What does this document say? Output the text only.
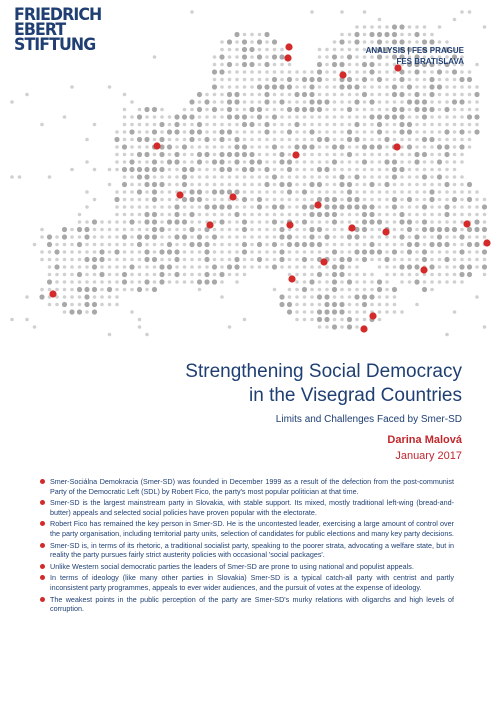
FRIEDRICH
EBERT
STIFTUNG	ANALYSIS | FES PRAGUE
FES BRATISLAVA
Strengthening Social Democracy
in the Visegrad Countries
Limits and Challenges Faced by Smer-SD
Darina Malová
January 2017
Smer-Sociálna Demokracia (Smer-SD) was founded in December 1999 as a result of the defection from the post-communist Party of the Democratic Left (SDL) by Robert Fico, the party's most popular politician at that time.
Smer-SD is the largest mainstream party in Slovakia, with stable support. Its mixed, mostly traditional left-wing (bread-and-butter) appeals and selected social policies have proven popular with the electorate.
Robert Fico has remained the key person in Smer-SD. He is the uncontested leader, exercising a large amount of control over the party organisation, including territorial party units, selection of candidates for public elections and many key party decisions.
Smer-SD is, in terms of its rhetoric, a traditional socialist party, speaking to the poorer strata, advocating a welfare state, but in reality the party pursues fairly strict austerity policies with occasional 'social packages'.
Unlike Western social democratic parties the leaders of Smer-SD are prone to using national and populist appeals.
In terms of ideology (like many other parties in Slovakia) Smer-SD is a typical catch-all party with centrist and partly inconsistent party programmes, appeals to ever wider audiences, and the pursuit of votes at the expense of ideology.
The weakest points in the public perception of the party are Smer-SD's murky relations with oligarchs and high levels of corruption.
